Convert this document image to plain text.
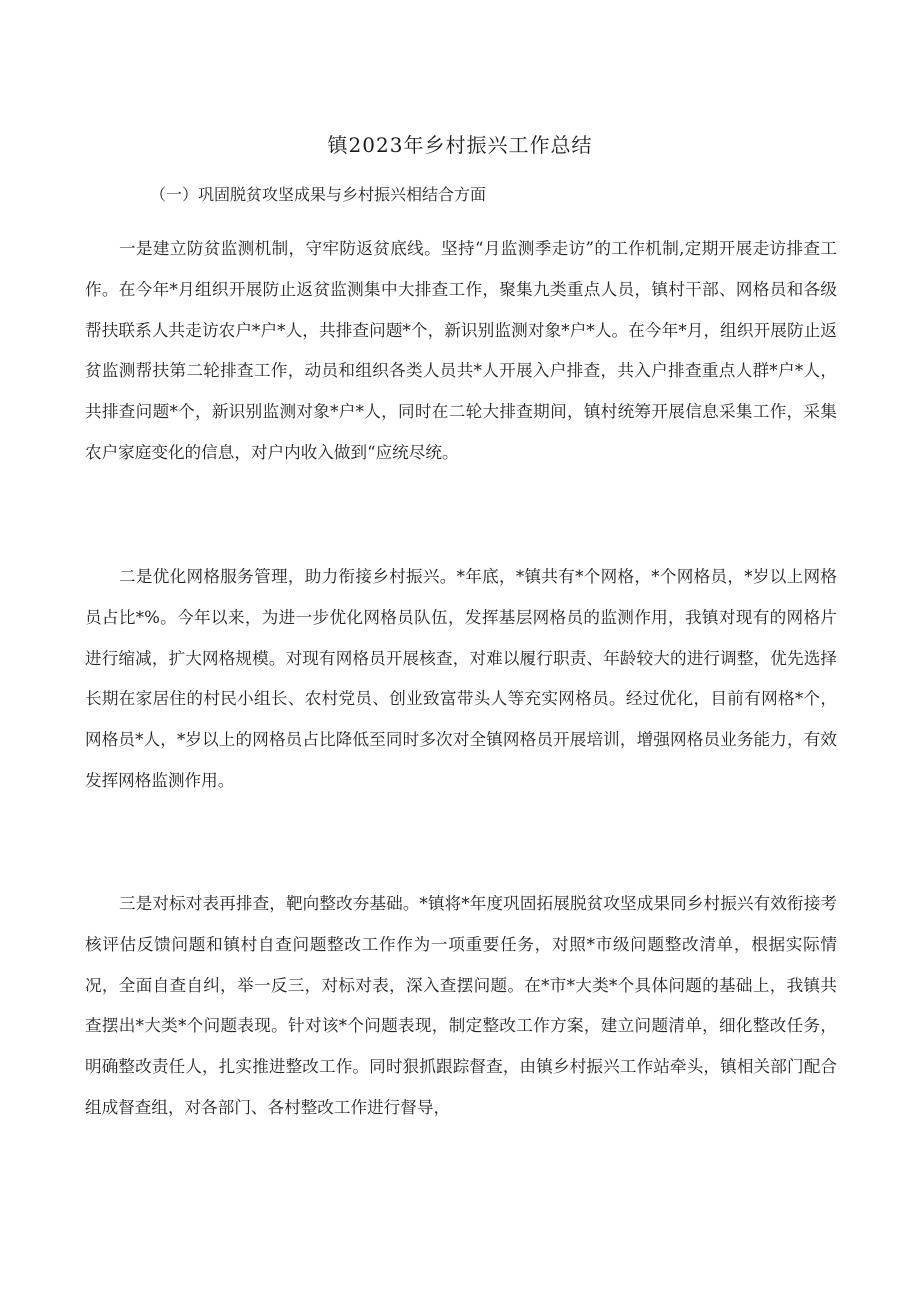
镇2023年乡村振兴工作总结

（一）巩固脱贫攻坚成果与乡村振兴相结合方面

一是建立防贫监测机制，守牢防返贫底线。坚持“月监测季走访”的工作机制,定期开展走访排查工作。在今年*月组织开展防止返贫监测集中大排查工作，聚集九类重点人员，镇村干部、网格员和各级帮扶联系人共走访农户*户*人，共排查问题*个，新识别监测对象*户*人。在今年*月，组织开展防止返贫监测帮扶第二轮排查工作，动员和组织各类人员共*人开展入户排查，共入户排查重点人群*户*人，共排查问题*个，新识别监测对象*户*人，同时在二轮大排查期间，镇村统筹开展信息采集工作，采集农户家庭变化的信息，对户内收入做到“应统尽统。

二是优化网格服务管理，助力衔接乡村振兴。*年底，*镇共有*个网格，*个网格员，*岁以上网格员占比*%。今年以来，为进一步优化网格员队伍，发挥基层网格员的监测作用，我镇对现有的网格片进行缩减，扩大网格规模。对现有网格员开展核查，对难以履行职责、年龄较大的进行调整，优先选择长期在家居住的村民小组长、农村党员、创业致富带头人等充实网格员。经过优化，目前有网格*个，网格员*人，*岁以上的网格员占比降低至同时多次对全镇网格员开展培训，增强网格员业务能力，有效发挥网格监测作用。

三是对标对表再排查，靶向整改夯基础。*镇将*年度巩固拓展脱贫攻坚成果同乡村振兴有效衔接考核评估反馈问题和镇村自查问题整改工作作为一项重要任务，对照*市级问题整改清单，根据实际情况，全面自查自纠，举一反三，对标对表，深入查摆问题。在*市*大类*个具体问题的基础上，我镇共查摆出*大类*个问题表现。针对该*个问题表现，制定整改工作方案，建立问题清单，细化整改任务，明确整改责任人，扎实推进整改工作。同时狠抓跟踪督查，由镇乡村振兴工作站牵头，镇相关部门配合组成督查组，对各部门、各村整改工作进行督导，
